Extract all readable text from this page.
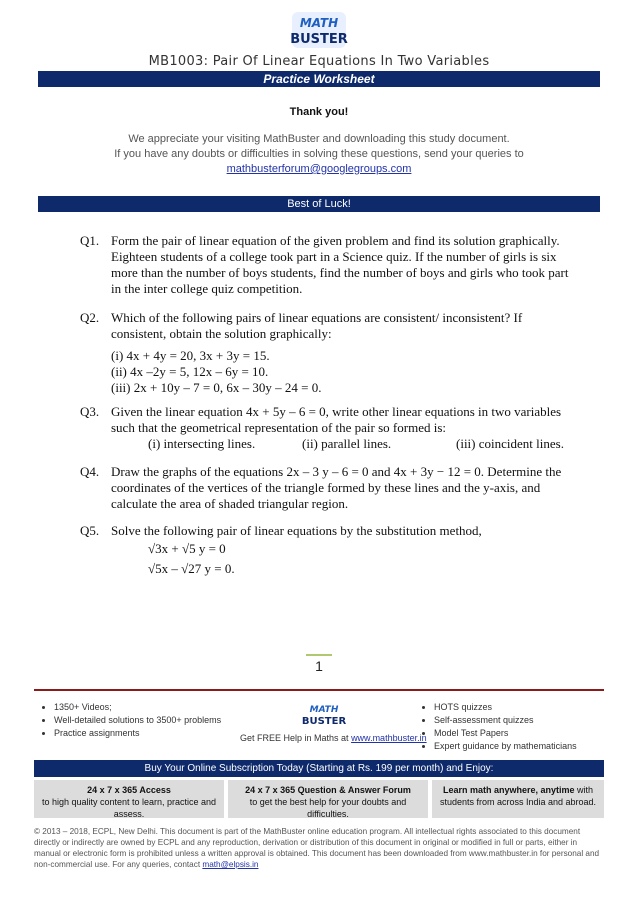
MATH
BUSTER
MB1003: Pair Of Linear Equations In Two Variables
Practice Worksheet
Thank you!
We appreciate your visiting MathBuster and downloading this study document.
If you have any doubts or difficulties in solving these questions, send your queries to
mathbusterforum@googlegroups.com
Best of Luck!
Q1. Form the pair of linear equation of the given problem and find its solution graphically. Eighteen students of a college took part in a Science quiz. If the number of girls is six more than the number of boys students, find the number of boys and girls who took part in the inter college quiz competition.
Q2. Which of the following pairs of linear equations are consistent/ inconsistent? If consistent, obtain the solution graphically:
(i) 4x + 4y = 20, 3x + 3y = 15.
(ii) 4x –2y = 5, 12x – 6y = 10.
(iii) 2x + 10y – 7 = 0, 6x – 30y – 24 = 0.
Q3. Given the linear equation 4x + 5y – 6 = 0, write other linear equations in two variables such that the geometrical representation of the pair so formed is:
(i) intersecting lines.	(ii) parallel lines.	(iii) coincident lines.
Q4. Draw the graphs of the equations 2x – 3 y – 6 = 0 and 4x + 3y − 12 = 0. Determine the coordinates of the vertices of the triangle formed by these lines and the y-axis, and calculate the area of shaded triangular region.
Q5. Solve the following pair of linear equations by the substitution method,
√3x + √5 y = 0
√5x – √27 y = 0.
1
• 1350+ Videos;
• Well-detailed solutions to 3500+ problems
• Practice assignments
MATH
BUSTER
Get FREE Help in Maths at www.mathbuster.in
• HOTS quizzes
• Self-assessment quizzes
• Model Test Papers
• Expert guidance by mathematicians
Buy Your Online Subscription Today (Starting at Rs. 199 per month) and Enjoy:
24 x 7 x 365 Access
to high quality content to learn, practice and assess.
24 x 7 x 365 Question & Answer Forum
to get the best help for your doubts and difficulties.
Learn math anywhere, anytime with
students from across India and abroad.
© 2013 – 2018, ECPL, New Delhi. This document is part of the MathBuster online education program. All intellectual rights associated to this document directly or indirectly are owned by ECPL and any reproduction, derivation or distribution of this document in original or modified in full or parts, either in manual or electronic form is prohibited unless a written approval is obtained. This document has been downloaded from www.mathbuster.in for personal and non-commercial use. For any queries, contact math@elpsis.in
